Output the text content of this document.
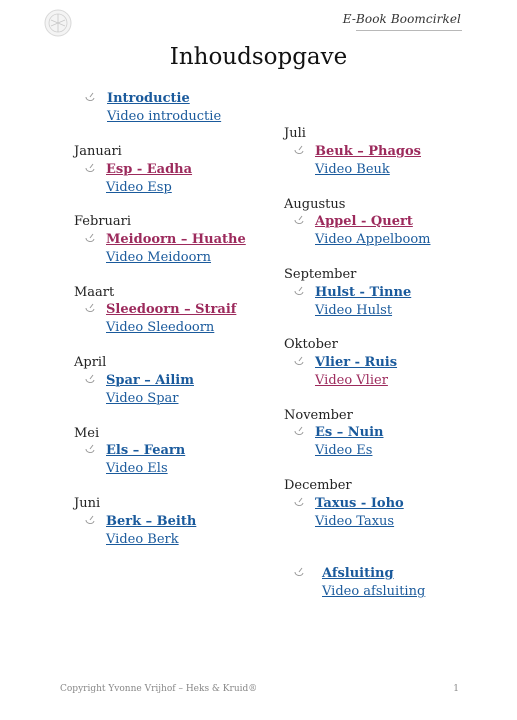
E-Book Boomcirkel
Inhoudsopgave
Introductie
Video introductie
Januari
Esp - Eadha
Video Esp
Februari
Meidoorn – Huathe
Video Meidoorn
Maart
Sleedoorn – Straif
Video Sleedoorn
April
Spar – Ailim
Video Spar
Mei
Els – Fearn
Video Els
Juni
Berk – Beith
Video Berk
Juli
Beuk – Phagos
Video Beuk
Augustus
Appel - Quert
Video Appelboom
September
Hulst - Tinne
Video Hulst
Oktober
Vlier - Ruis
Video Vlier
November
Es – Nuin
Video Es
December
Taxus - Ioho
Video Taxus
Afsluiting
Video afsluiting
Copyright Yvonne Vrijhof – Heks & Kruid®	1
